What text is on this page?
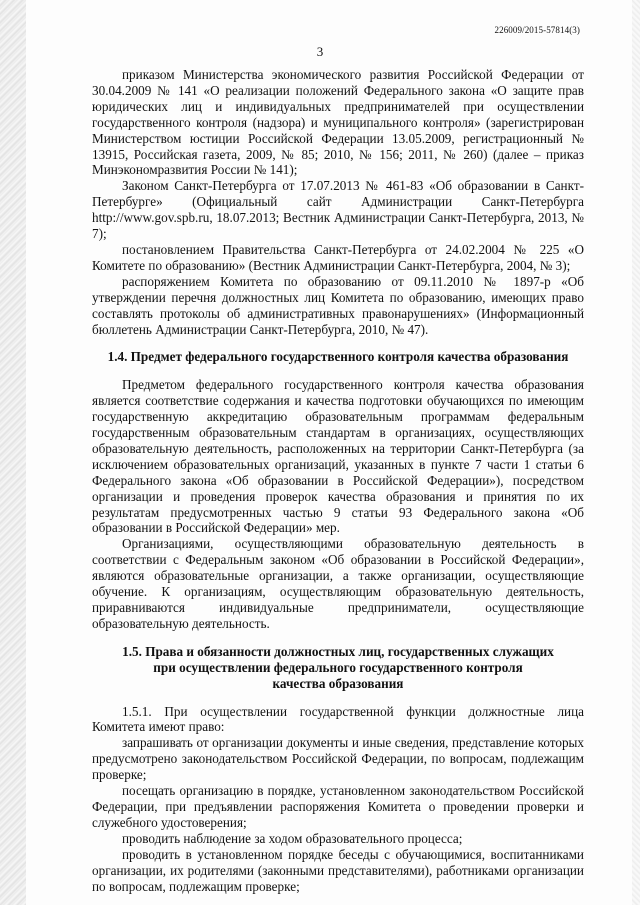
226009/2015-57814(3)
3

приказом Министерства экономического развития Российской Федерации от 30.04.2009 № 141 «О реализации положений Федерального закона «О защите прав юридических лиц и индивидуальных предпринимателей при осуществлении государственного контроля (надзора) и муниципального контроля» (зарегистрирован Министерством юстиции Российской Федерации 13.05.2009, регистрационный № 13915, Российская газета, 2009, № 85; 2010, № 156; 2011, № 260) (далее – приказ Минэкономразвития России № 141);

Законом Санкт-Петербурга от 17.07.2013 № 461-83 «Об образовании в Санкт-Петербурге» (Официальный сайт Администрации Санкт-Петербурга http://www.gov.spb.ru, 18.07.2013; Вестник Администрации Санкт-Петербурга, 2013, № 7);

постановлением Правительства Санкт-Петербурга от 24.02.2004 № 225 «О Комитете по образованию» (Вестник Администрации Санкт-Петербурга, 2004, № 3);

распоряжением Комитета по образованию от 09.11.2010 № 1897-р «Об утверждении перечня должностных лиц Комитета по образованию, имеющих право составлять протоколы об административных правонарушениях» (Информационный бюллетень Администрации Санкт-Петербурга, 2010, № 47).

1.4. Предмет федерального государственного контроля качества образования

Предметом федерального государственного контроля качества образования является соответствие содержания и качества подготовки обучающихся по имеющим государственную аккредитацию образовательным программам федеральным государственным образовательным стандартам в организациях, осуществляющих образовательную деятельность, расположенных на территории Санкт-Петербурга (за исключением образовательных организаций, указанных в пункте 7 части 1 статьи 6 Федерального закона «Об образовании в Российской Федерации»), посредством организации и проведения проверок качества образования и принятия по их результатам предусмотренных частью 9 статьи 93 Федерального закона «Об образовании в Российской Федерации» мер.

Организациями, осуществляющими образовательную деятельность в соответствии с Федеральным законом «Об образовании в Российской Федерации», являются образовательные организации, а также организации, осуществляющие обучение. К организациям, осуществляющим образовательную деятельность, приравниваются индивидуальные предприниматели, осуществляющие образовательную деятельность.

1.5. Права и обязанности должностных лиц, государственных служащих

при осуществлении федерального государственного контроля

качества образования

1.5.1. При осуществлении государственной функции должностные лица Комитета имеют право:

запрашивать от организации документы и иные сведения, представление которых предусмотрено законодательством Российской Федерации, по вопросам, подлежащим проверке;

посещать организацию в порядке, установленном законодательством Российской Федерации, при предъявлении распоряжения Комитета о проведении проверки и служебного удостоверения;

проводить наблюдение за ходом образовательного процесса;

проводить в установленном порядке беседы с обучающимися, воспитанниками организации, их родителями (законными представителями), работниками организации по вопросам, подлежащим проверке;
